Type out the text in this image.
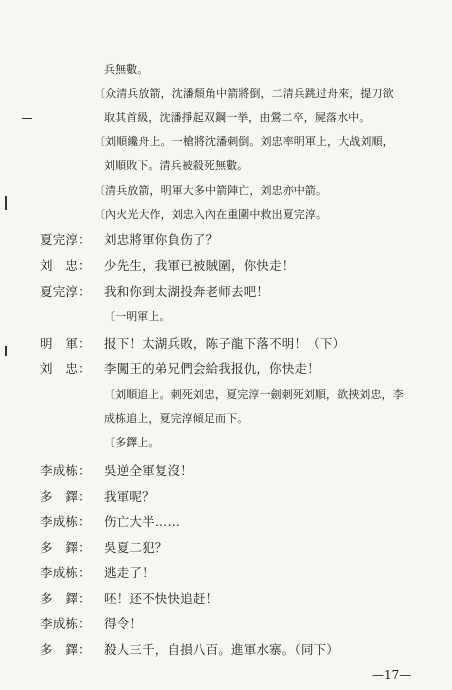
兵無數。
〔众清兵放箭，沈潘頹角中箭將倒，二清兵跳过舟來，提刀欲
取其首級，沈潘掙起双鋼一挙，由鶯二卒，屍落水中。
〔刘順纔舟上。一槍將沈潘刺倒。刘忠率明軍上，大战刘順，
刘順敗下。清兵被殺死無數。
〔清兵放箭，明軍大多中箭陣亡，刘忠亦中箭。
〔內火光大作，刘忠入內在重圍中救出夏完淳。
夏完淳： 刘忠將軍你負伤了？
刘　忠： 少先生，我軍已被賊圍，你快走！
夏完淳： 我和你到太湖投奔老师去吧！
〔一明軍上。
明　軍： 报下！太湖兵敗，陈子龍下落不明！（下）
刘　忠： 李闖王的弟兄們会給我报仇，你快走！
〔刘順追上。刺死刘忠，夏完淳一劍刺死刘順，欲挾刘忠，李
成栋追上，夏完淳傾足而下。
〔多鐸上。
李成栋： 吳逆全軍复沒！
多　鐸： 我軍呢？
李成栋： 伤亡大半……
多　鐸： 吳夏二犯？
李成栋： 逃走了！
多　鐸： 呸！还不快快追赶！
李成栋： 得令！
多　鐸： 殺人三千，自損八百。進軍水寨。（同下）
—17—
